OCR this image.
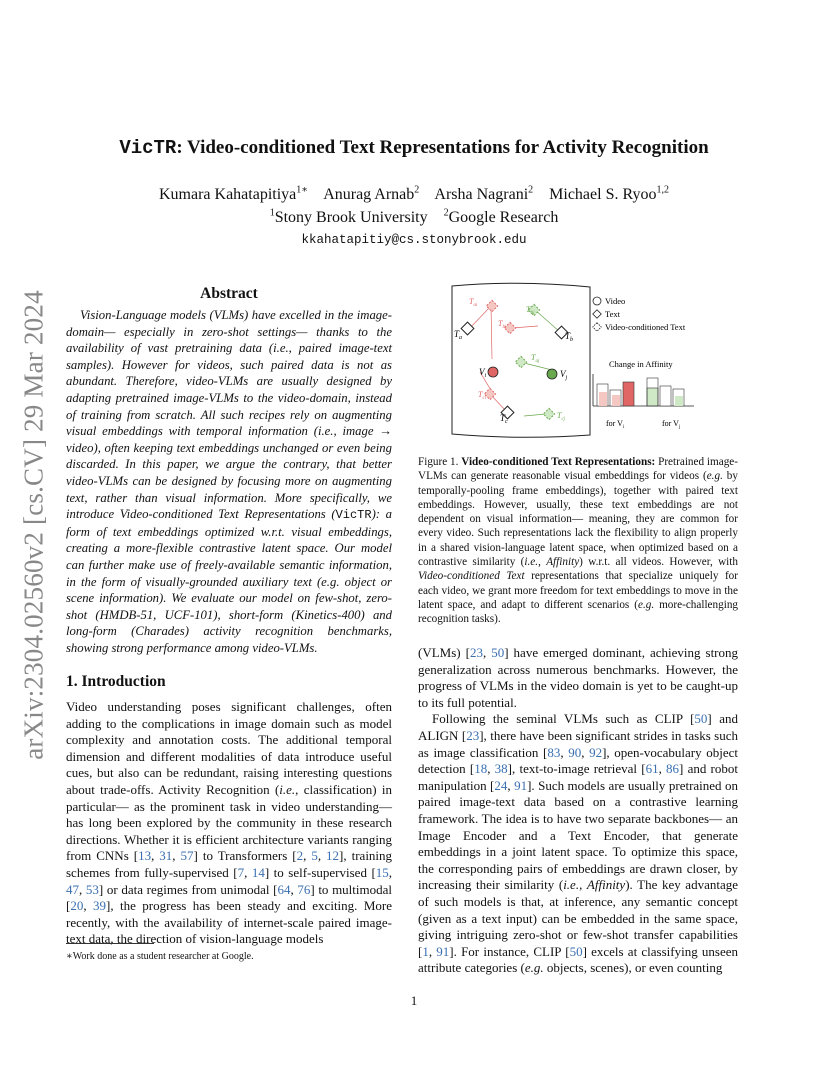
arXiv:2304.02560v2 [cs.CV] 29 Mar 2024
VicTR: Video-conditioned Text Representations for Activity Recognition
Kumara Kahatapitiya$^{1∗}$ Anurag Arnab$^2$ Arsha Nagrani$^2$ Michael S. Ryoo$^{1,2}$
$^1$Stony Brook University $^2$Google Research
kkahatapitiy@cs.stonybrook.edu
Abstract

Vision-Language models (VLMs) have excelled in the image-domain— especially in zero-shot settings— thanks to the availability of vast pretraining data (i.e., paired image-text samples). However for videos, such paired data is not as abundant. Therefore, video-VLMs are usually designed by adapting pretrained image-VLMs to the video-domain, instead of training from scratch. All such recipes rely on augmenting visual embeddings with temporal information (i.e., image → video), often keeping text embeddings unchanged or even being discarded. In this paper, we argue the contrary, that better video-VLMs can be designed by focusing more on augmenting text, rather than visual information. More specifically, we introduce Video-conditioned Text Representations (VicTR): a form of text embeddings optimized w.r.t. visual embeddings, creating a more-flexible contrastive latent space. Our model can further make use of freely-available semantic information, in the form of visually-grounded auxiliary text (e.g. object or scene information). We evaluate our model on few-shot, zero-shot (HMDB-51, UCF-101), short-form (Kinetics-400) and long-form (Charades) activity recognition benchmarks, showing strong performance among video-VLMs.

1. Introduction

Video understanding poses significant challenges, often adding to the complications in image domain such as model complexity and annotation costs. The additional temporal dimension and different modalities of data introduce useful cues, but also can be redundant, raising interesting questions about trade-offs. Activity Recognition (i.e., classification) in particular— as the prominent task in video understanding— has long been explored by the community in these research directions. Whether it is efficient architecture variants ranging from CNNs [13, 31, 57] to Transformers [2, 5, 12], training schemes from fully-supervised [7, 14] to self-supervised [15, 47, 53] or data regimes from unimodal [64, 76] to multimodal [20, 39], the progress has been steady and exciting. More recently, with the availability of internet-scale paired image-text data, the direction of vision-language models

∗Work done as a student researcher at Google.
$T_a$	$T_b$
$T_c$
$V_i$	$V_j$
$T_{ai}$
$T_{bi}$
$T_{bj}$
$T_{aj}$
$T_{ci}$
$T_{cj}$
Video
Text
Video-conditioned Text
Change in Affinity
for $V_i$	for $V_j$

Figure 1. Video-conditioned Text Representations: Pretrained image-VLMs can generate reasonable visual embeddings for videos (e.g. by temporally-pooling frame embeddings), together with paired text embeddings. However, usually, these text embeddings are not dependent on visual information— meaning, they are common for every video. Such representations lack the flexibility to align properly in a shared vision-language latent space, when optimized based on a contrastive similarity (i.e., Affinity) w.r.t. all videos. However, with Video-conditioned Text representations that specialize uniquely for each video, we grant more freedom for text embeddings to move in the latent space, and adapt to different scenarios (e.g. more-challenging recognition tasks).

(VLMs) [23, 50] have emerged dominant, achieving strong generalization across numerous benchmarks. However, the progress of VLMs in the video domain is yet to be caught-up to its full potential.

Following the seminal VLMs such as CLIP [50] and ALIGN [23], there have been significant strides in tasks such as image classification [83, 90, 92], open-vocabulary object detection [18, 38], text-to-image retrieval [61, 86] and robot manipulation [24, 91]. Such models are usually pretrained on paired image-text data based on a contrastive learning framework. The idea is to have two separate backbones— an Image Encoder and a Text Encoder, that generate embeddings in a joint latent space. To optimize this space, the corresponding pairs of embeddings are drawn closer, by increasing their similarity (i.e., Affinity). The key advantage of such models is that, at inference, any semantic concept (given as a text input) can be embedded in the same space, giving intriguing zero-shot or few-shot transfer capabilities [1, 91]. For instance, CLIP [50] excels at classifying unseen attribute categories (e.g. objects, scenes), or even counting

1
